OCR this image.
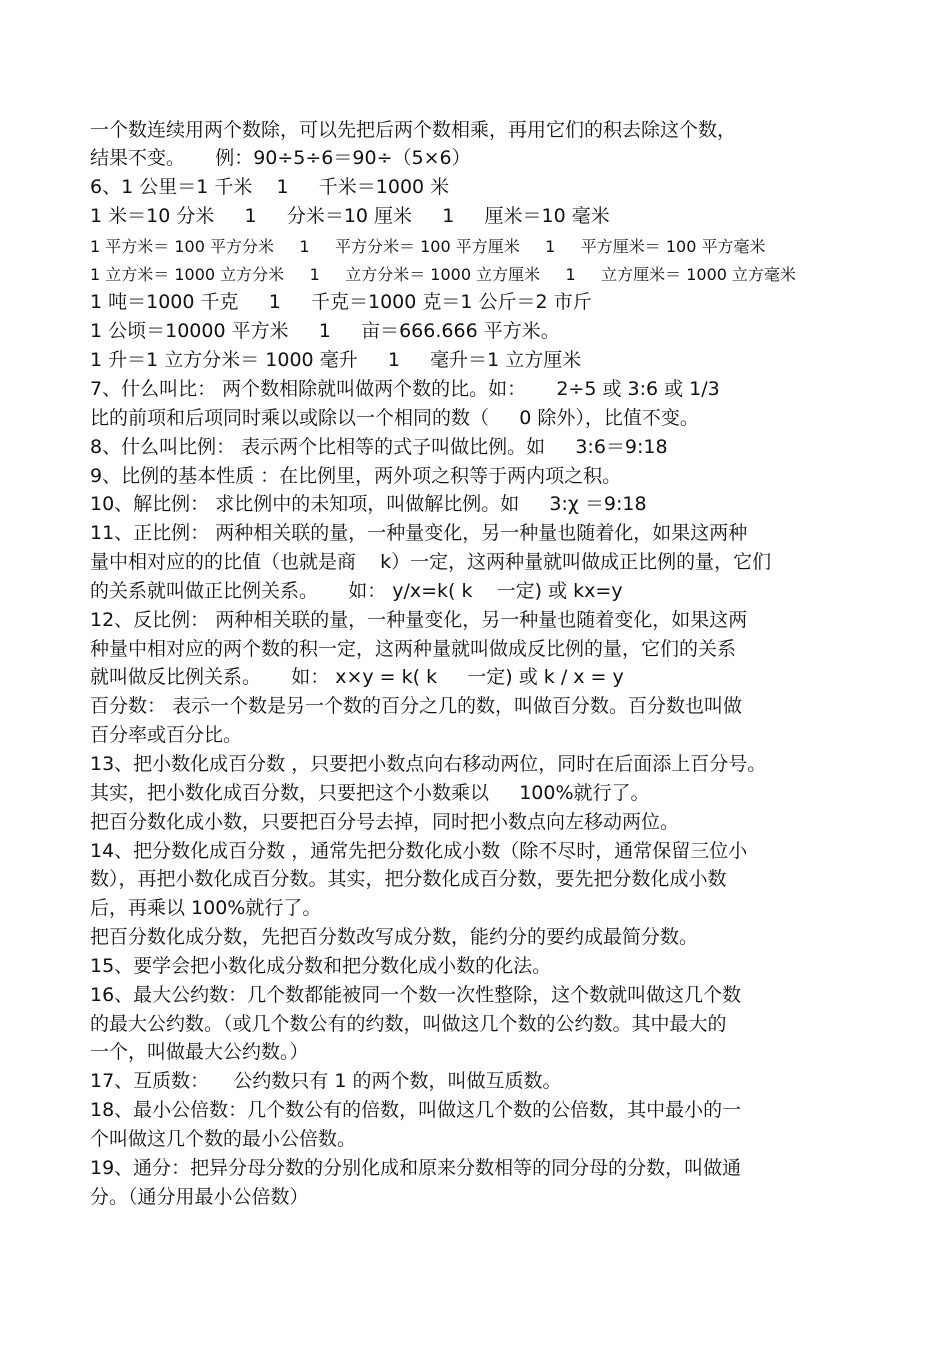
一个数连续用两个数除，可以先把后两个数相乘，再用它们的积去除这个数，
结果不变。     例：90÷5÷6＝90÷（5×6）
6、1 公里＝1 千米    1     千米＝1000 米
1 米＝10 分米     1     分米＝10 厘米     1     厘米＝10 毫米
1 平方米＝ 100 平方分米     1     平方分米＝ 100 平方厘米     1     平方厘米＝ 100 平方毫米
1 立方米＝ 1000 立方分米     1     立方分米＝ 1000 立方厘米     1     立方厘米＝ 1000 立方毫米
1 吨＝1000 千克     1     千克＝1000 克＝1 公斤＝2 市斤
1 公顷＝10000 平方米     1     亩＝666.666 平方米。
1 升＝1 立方分米＝ 1000 毫升     1     毫升＝1 立方厘米
7、什么叫比： 两个数相除就叫做两个数的比。如：     2÷5 或 3:6 或 1/3
比的前项和后项同时乘以或除以一个相同的数（     0 除外），比值不变。
8、什么叫比例： 表示两个比相等的式子叫做比例。如     3:6＝9:18
9、比例的基本性质 ：在比例里，两外项之积等于两内项之积。
10、解比例： 求比例中的未知项，叫做解比例。如     3:χ ＝9:18
11、正比例： 两种相关联的量，一种量变化，另一种量也随着化，如果这两种
量中相对应的的比值（也就是商    k）一定，这两种量就叫做成正比例的量，它们
的关系就叫做正比例关系。     如： y/x=k( k    一定) 或 kx=y
12、反比例： 两种相关联的量，一种量变化，另一种量也随着变化，如果这两
种量中相对应的两个数的积一定，这两种量就叫做成反比例的量，它们的关系
就叫做反比例关系。     如： x×y = k( k     一定) 或 k / x = y
百分数： 表示一个数是另一个数的百分之几的数，叫做百分数。百分数也叫做
百分率或百分比。
13、把小数化成百分数 ，只要把小数点向右移动两位，同时在后面添上百分号。
其实，把小数化成百分数，只要把这个小数乘以     100%就行了。
把百分数化成小数，只要把百分号去掉，同时把小数点向左移动两位。
14、把分数化成百分数 ，通常先把分数化成小数（除不尽时，通常保留三位小
数），再把小数化成百分数。其实，把分数化成百分数，要先把分数化成小数
后，再乘以 100%就行了。
把百分数化成分数，先把百分数改写成分数，能约分的要约成最简分数。
15、要学会把小数化成分数和把分数化成小数的化法。
16、最大公约数：几个数都能被同一个数一次性整除，这个数就叫做这几个数
的最大公约数。（或几个数公有的约数，叫做这几个数的公约数。其中最大的
一个，叫做最大公约数。）
17、互质数：    公约数只有 1 的两个数，叫做互质数。
18、最小公倍数：几个数公有的倍数，叫做这几个数的公倍数，其中最小的一
个叫做这几个数的最小公倍数。
19、通分：把异分母分数的分别化成和原来分数相等的同分母的分数，叫做通
分。（通分用最小公倍数）
